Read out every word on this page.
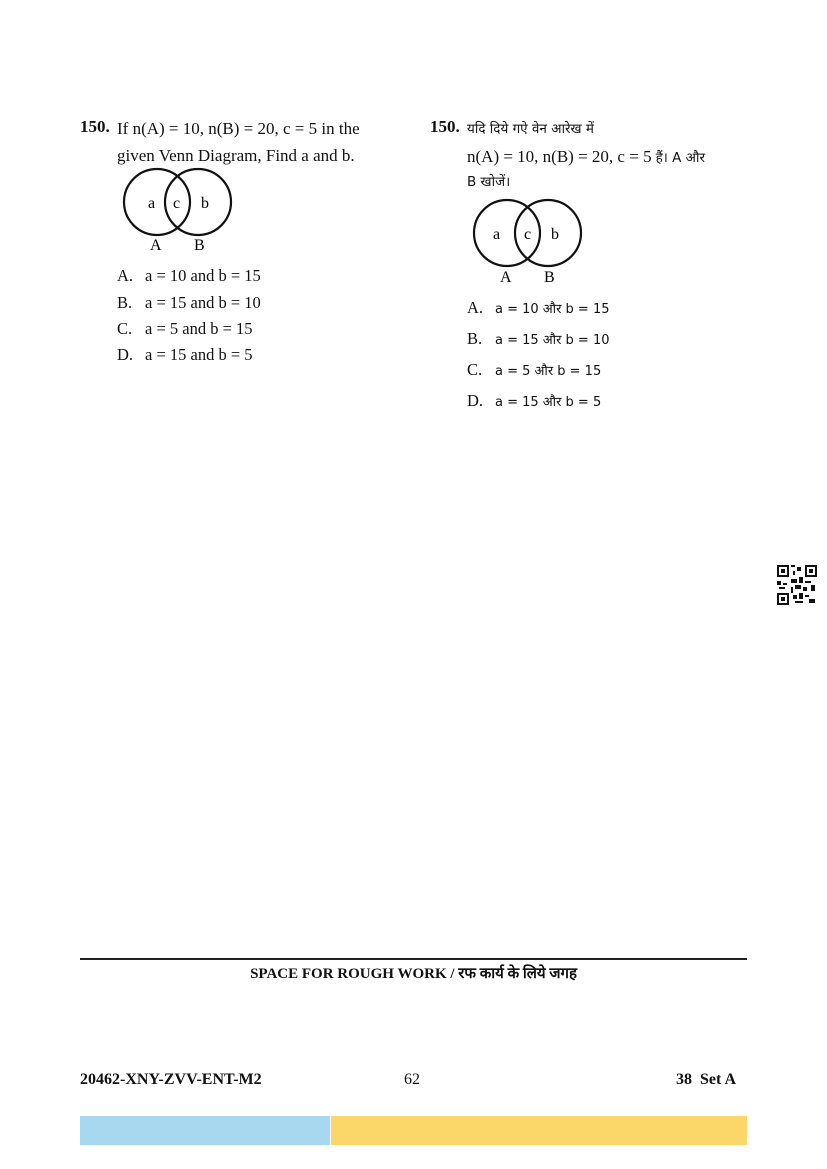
150. If n(A) = 10, n(B) = 20, c = 5 in the
given Venn Diagram, Find a and b.
a c b
A B
A. a = 10 and b = 15
B. a = 15 and b = 10
C. a = 5 and b = 15
D. a = 15 and b = 5
150. यदि दिये गऐ वेन आरेख में
n(A) = 10, n(B) = 20, c = 5 हैं। A और
B खोजें।
a c b
A B
A. a = 10 और b = 15
B. a = 15 और b = 10
C. a = 5 और b = 15
D. a = 15 और b = 5
SPACE FOR ROUGH WORK / रफ कार्य के लिये जगह
20462-XNY-ZVV-ENT-M2	62	38 Set A
